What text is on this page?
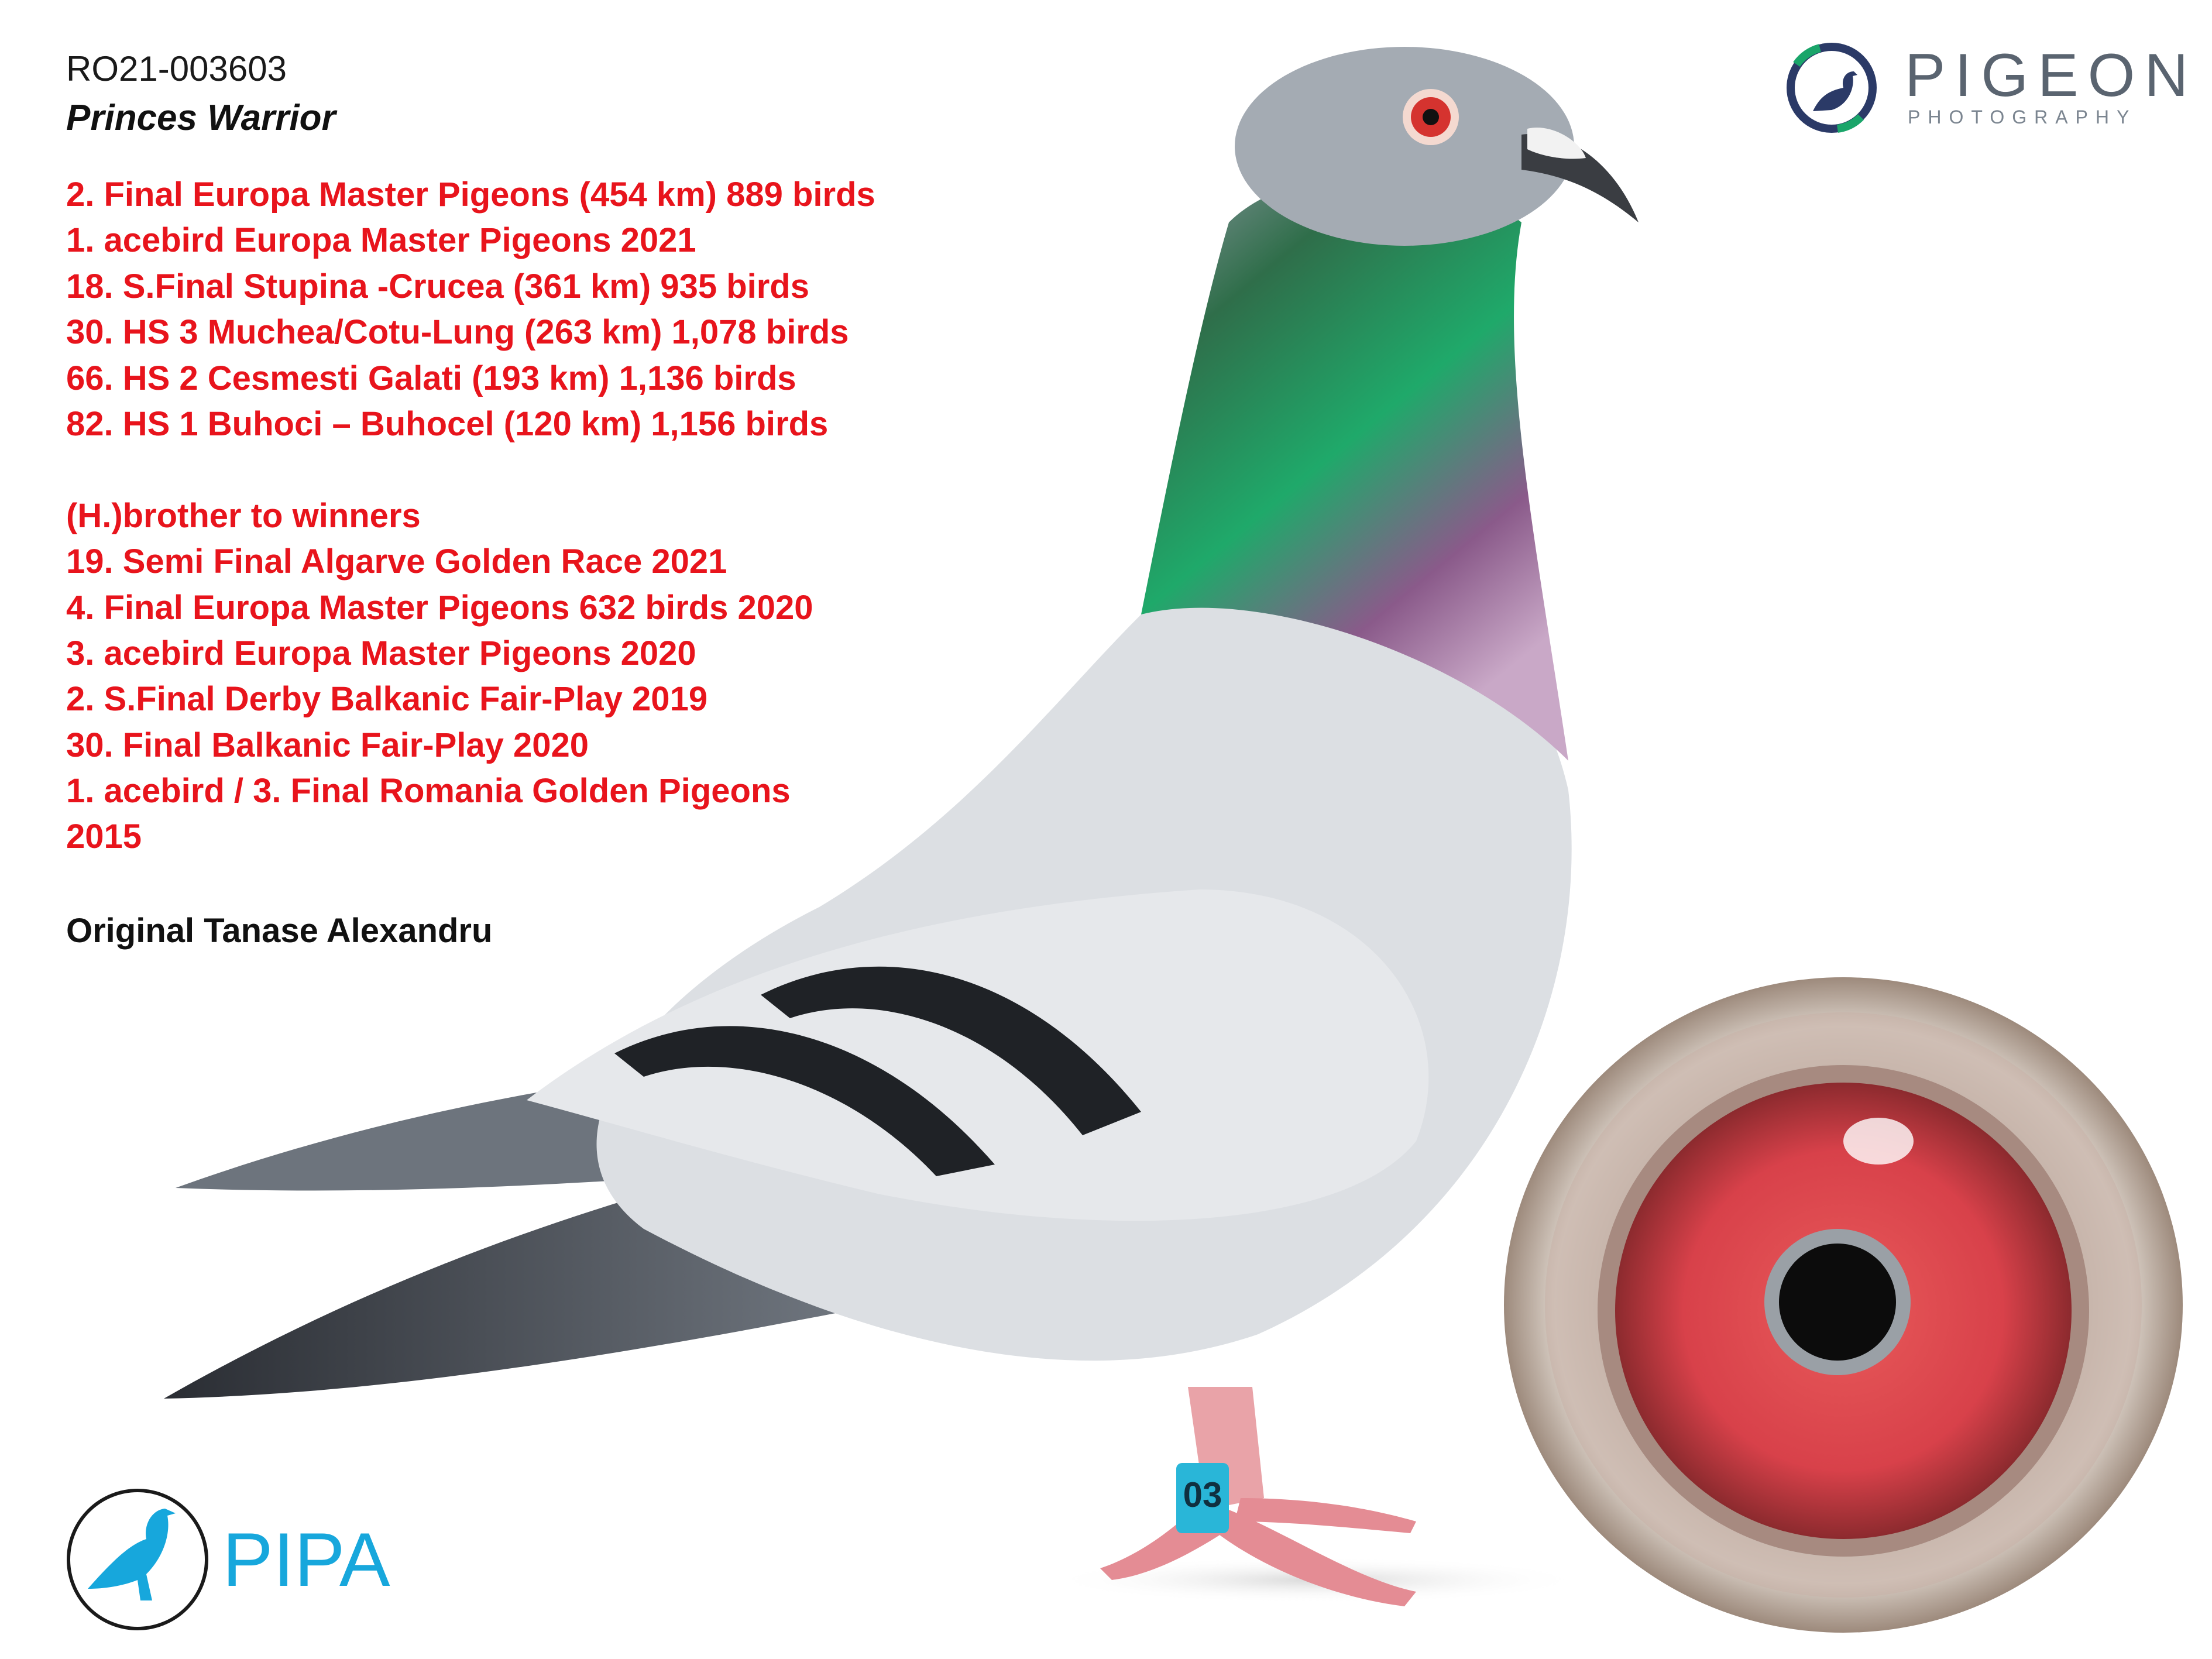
RO21-003603
Princes Warrior
2. Final Europa Master Pigeons (454 km) 889 birds
1. acebird Europa Master Pigeons 2021
18. S.Final Stupina -Crucea (361 km) 935 birds
30. HS 3 Muchea/Cotu-Lung (263 km) 1,078 birds
66. HS 2 Cesmesti Galati (193 km) 1,136 birds
82. HS 1 Buhoci – Buhocel (120 km) 1,156 birds
(H.)brother to winners
19. Semi Final Algarve Golden Race 2021
4. Final Europa Master Pigeons 632 birds 2020
3. acebird Europa Master Pigeons 2020
2. S.Final Derby Balkanic Fair-Play 2019
30. Final Balkanic Fair-Play 2020
1. acebird / 3. Final Romania Golden Pigeons
2015
Original Tanase Alexandru
PIGEON
PHOTOGRAPHY
03
PIPA
